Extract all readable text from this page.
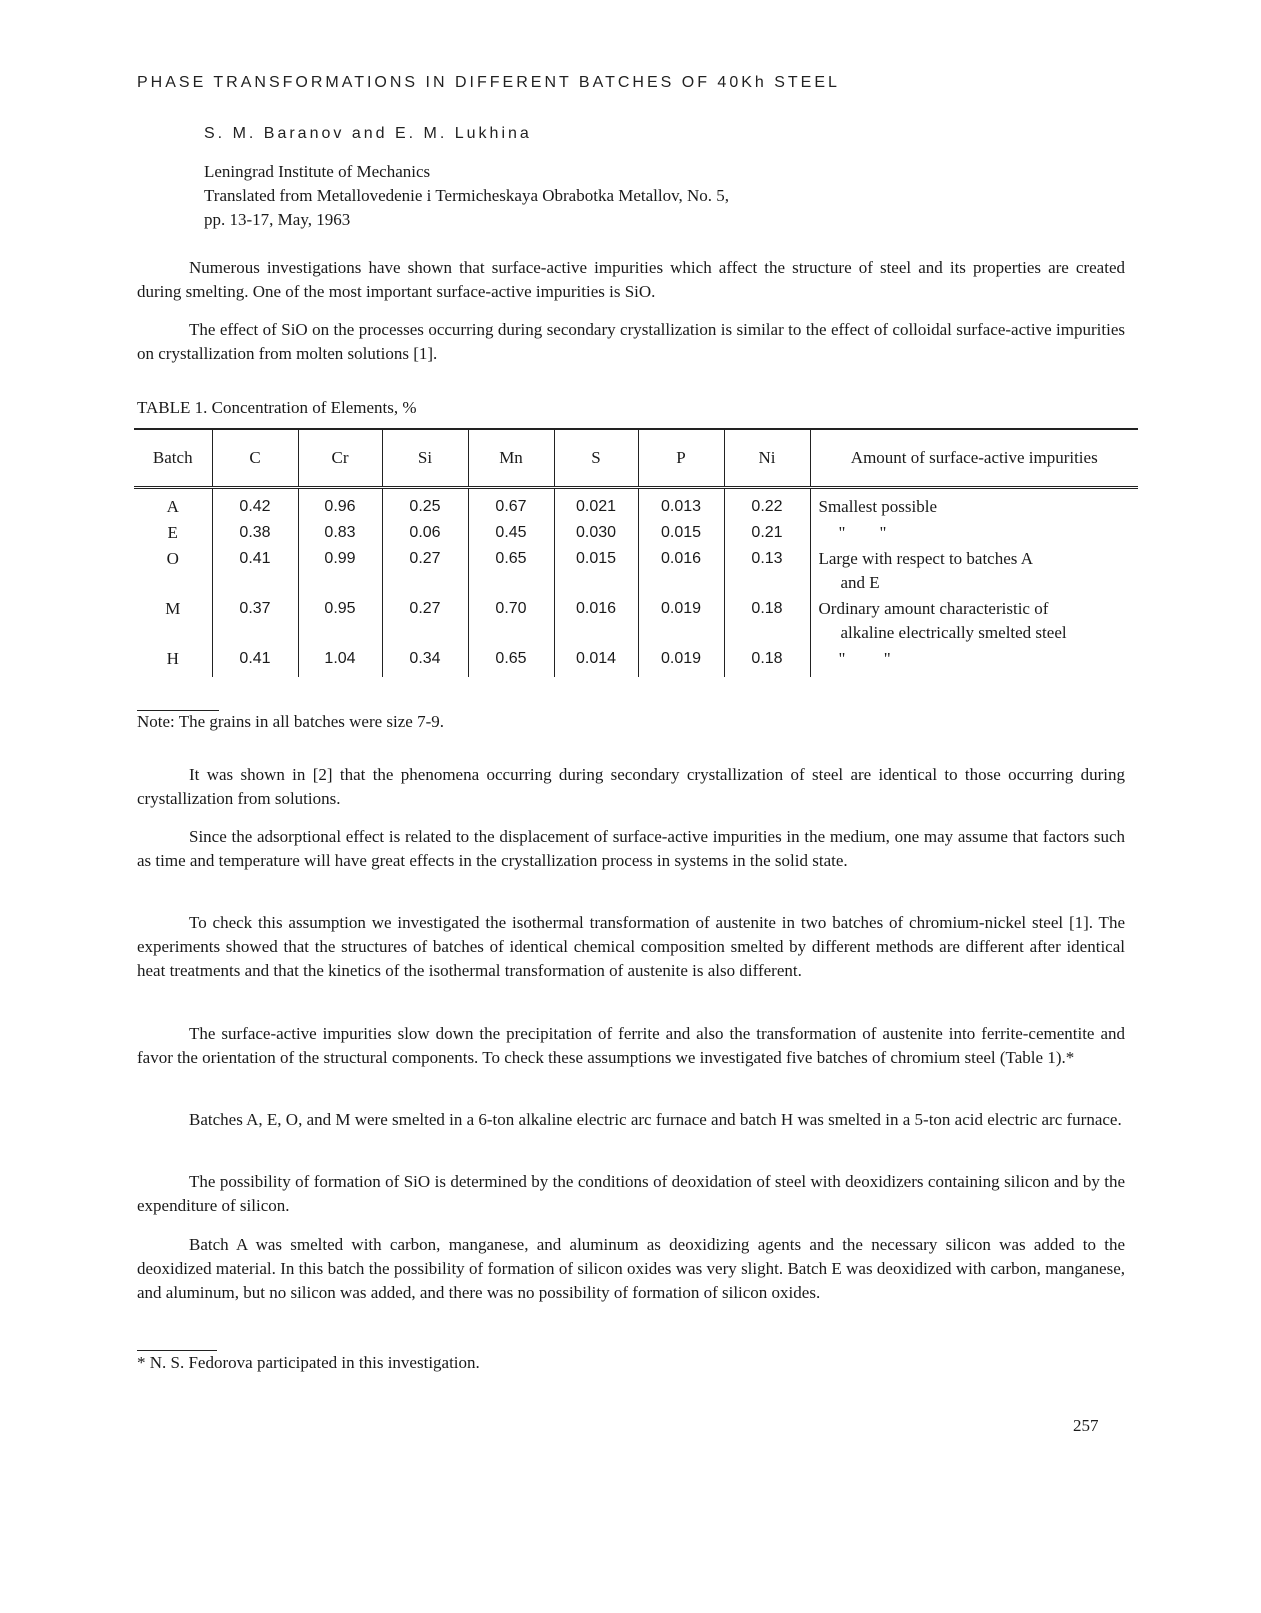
PHASE TRANSFORMATIONS IN DIFFERENT BATCHES OF 40Kh STEEL
S. M. Baranov and E. M. Lukhina
Leningrad Institute of Mechanics
Translated from Metallovedenie i Termicheskaya Obrabotka Metallov, No. 5,
pp. 13-17, May, 1963
Numerous investigations have shown that surface-active impurities which affect the structure of steel and its properties are created during smelting. One of the most important surface-active impurities is SiO.
The effect of SiO on the processes occurring during secondary crystallization is similar to the effect of colloidal surface-active impurities on crystallization from molten solutions [1].
TABLE 1. Concentration of Elements, %
Batch	C	Cr	Si	Mn	S	P	Ni	Amount of surface-active impurities
A	0.42	0.96	0.25	0.67	0.021	0.013	0.22	Smallest possible

E	0.38	0.83	0.06	0.45	0.030	0.015	0.21	"        "

O	0.41	0.99	0.27	0.65	0.015	0.016	0.13	Large with respect to batches A
and E

M	0.37	0.95	0.27	0.70	0.016	0.019	0.18	Ordinary amount characteristic of
alkaline electrically smelted steel

H	0.41	1.04	0.34	0.65	0.014	0.019	0.18	"         "
Note: The grains in all batches were size 7-9.
It was shown in [2] that the phenomena occurring during secondary crystallization of steel are identical to those occurring during crystallization from solutions.
Since the adsorptional effect is related to the displacement of surface-active impurities in the medium, one may assume that factors such as time and temperature will have great effects in the crystallization process in systems in the solid state.
To check this assumption we investigated the isothermal transformation of austenite in two batches of chromium-nickel steel [1]. The experiments showed that the structures of batches of identical chemical composition smelted by different methods are different after identical heat treatments and that the kinetics of the isothermal transformation of austenite is also different.
The surface-active impurities slow down the precipitation of ferrite and also the transformation of austenite into ferrite-cementite and favor the orientation of the structural components. To check these assumptions we investigated five batches of chromium steel (Table 1).*
Batches A, E, O, and M were smelted in a 6-ton alkaline electric arc furnace and batch H was smelted in a 5-ton acid electric arc furnace.
The possibility of formation of SiO is determined by the conditions of deoxidation of steel with deoxidizers containing silicon and by the expenditure of silicon.
Batch A was smelted with carbon, manganese, and aluminum as deoxidizing agents and the necessary silicon was added to the deoxidized material. In this batch the possibility of formation of silicon oxides was very slight. Batch E was deoxidized with carbon, manganese, and aluminum, but no silicon was added, and there was no possibility of formation of silicon oxides.
* N. S. Fedorova participated in this investigation.
257
